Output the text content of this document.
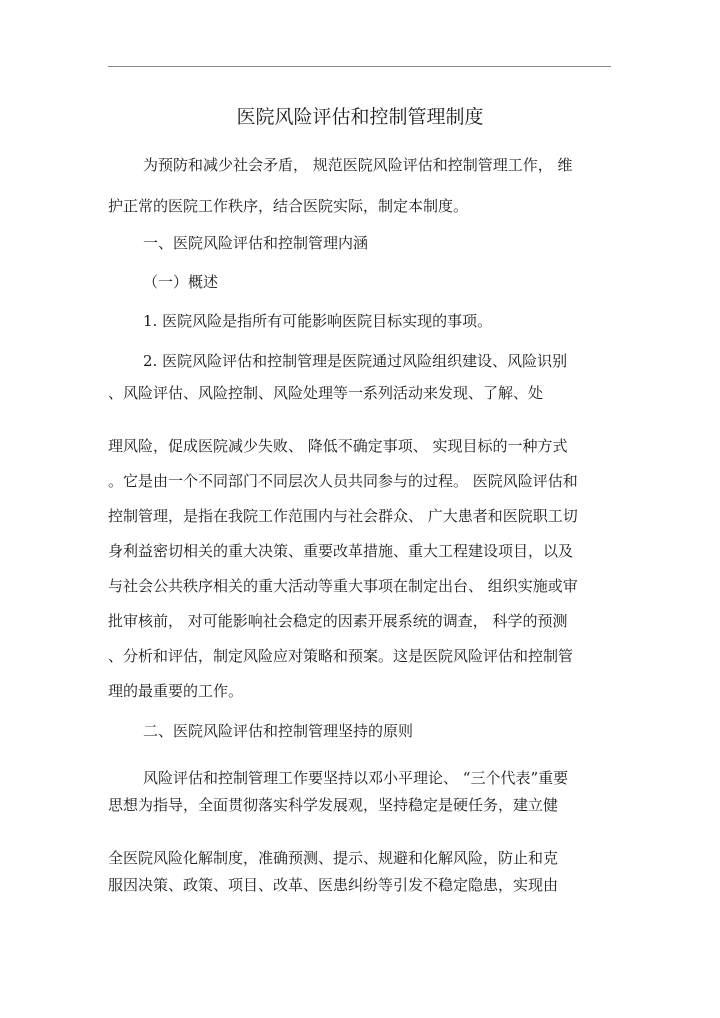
医院风险评估和控制管理制度
为预防和减少社会矛盾， 规范医院风险评估和控制管理工作， 维
护正常的医院工作秩序，结合医院实际，制定本制度。
一、医院风险评估和控制管理内涵
（一）概述
1. 医院风险是指所有可能影响医院目标实现的事项。
2. 医院风险评估和控制管理是医院通过风险组织建设、风险识别
、风险评估、风险控制、风险处理等一系列活动来发现、了解、处
理风险，促成医院减少失败、 降低不确定事项、 实现目标的一种方式
。它是由一个不同部门不同层次人员共同参与的过程。 医院风险评估和
控制管理，是指在我院工作范围内与社会群众、 广大患者和医院职工切
身利益密切相关的重大决策、重要改革措施、重大工程建设项目，以及
与社会公共秩序相关的重大活动等重大事项在制定出台、 组织实施或审
批审核前， 对可能影响社会稳定的因素开展系统的调查， 科学的预测
、分析和评估，制定风险应对策略和预案。这是医院风险评估和控制管
理的最重要的工作。
二、医院风险评估和控制管理坚持的原则
风险评估和控制管理工作要坚持以邓小平理论、 “三个代表”重要
思想为指导，全面贯彻落实科学发展观，坚持稳定是硬任务，建立健
全医院风险化解制度，准确预测、提示、规避和化解风险，防止和克
服因决策、政策、项目、改革、医患纠纷等引发不稳定隐患，实现由
